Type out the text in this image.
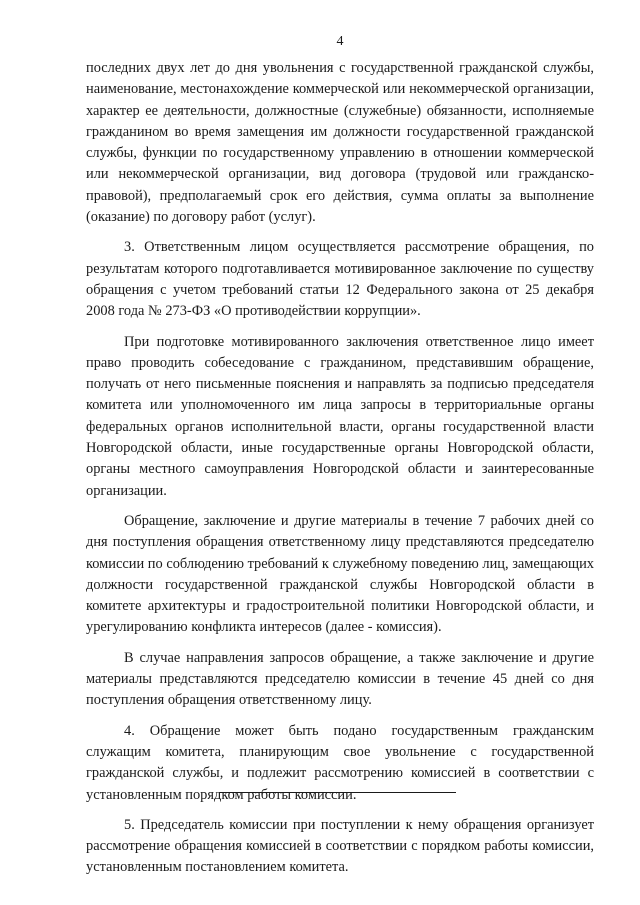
4

последних двух лет до дня увольнения с государственной гражданской службы, наименование, местонахождение коммерческой или некоммерческой организации, характер ее деятельности, должностные (служебные) обязанности, исполняемые гражданином во время замещения им должности государственной гражданской службы, функции по государственному управлению в отношении коммерческой или некоммерческой организации, вид договора (трудовой или гражданско-правовой), предполагаемый срок его действия, сумма оплаты за выполнение (оказание) по договору работ (услуг).

3. Ответственным лицом осуществляется рассмотрение обращения, по результатам которого подготавливается мотивированное заключение по существу обращения с учетом требований статьи 12 Федерального закона от 25 декабря 2008 года № 273-ФЗ «О противодействии коррупции».

При подготовке мотивированного заключения ответственное лицо имеет право проводить собеседование с гражданином, представившим обращение, получать от него письменные пояснения и направлять за подписью председателя комитета или уполномоченного им лица запросы в территориальные органы федеральных органов исполнительной власти, органы государственной власти Новгородской области, иные государственные органы Новгородской области, органы местного самоуправления Новгородской области и заинтересованные организации.

Обращение, заключение и другие материалы в течение 7 рабочих дней со дня поступления обращения ответственному лицу представляются председателю комиссии по соблюдению требований к служебному поведению лиц, замещающих должности государственной гражданской службы Новгородской области в комитете архитектуры и градостроительной политики Новгородской области, и урегулированию конфликта интересов (далее - комиссия).

В случае направления запросов обращение, а также заключение и другие материалы представляются председателю комиссии в течение 45 дней со дня поступления обращения ответственному лицу.

4. Обращение может быть подано государственным гражданским служащим комитета, планирующим свое увольнение с государственной гражданской службы, и подлежит рассмотрению комиссией в соответствии с установленным порядком работы комиссии.

5. Председатель комиссии при поступлении к нему обращения организует рассмотрение обращения комиссией в соответствии с порядком работы комиссии, установленным постановлением комитета.
